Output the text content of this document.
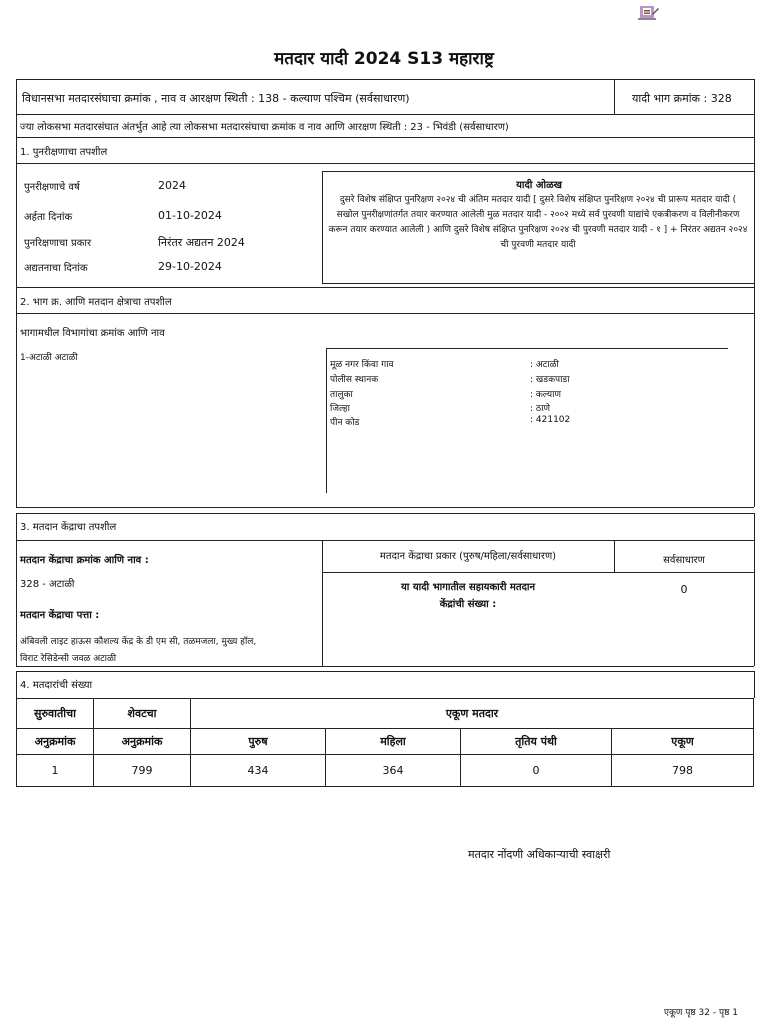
मतदार यादी 2024 S13 महाराष्ट्र
विधानसभा मतदारसंघाचा क्रमांक , नाव व आरक्षण स्थिती : 138 - कल्याण पश्चिम (सर्वसाधारण)	यादी भाग क्रमांक : 328
ज्या लोकसभा मतदारसंघात अंतर्भुत आहे त्या लोकसभा मतदारसंघाचा क्रमांक व नाव आणि आरक्षण स्थिती : 23 - भिवंडी (सर्वसाधारण)
1. पुनरीक्षणाचा तपशील
पुनरीक्षणाचे वर्ष	2024
अर्हता दिनांक	01-10-2024
पुनरिक्षणाचा प्रकार	निरंतर अद्यतन 2024
अद्यतनाचा दिनांक	29-10-2024
यादी ओळख
दुसरे विशेष संक्षिप्त पुनरिक्षण २०२४ ची अंतिम मतदार यादी [ दुसरे विशेष संक्षिप्त पुनरिक्षण २०२४ ची प्रारूप मतदार यादी ( सखोल पुनरीक्षणांतर्गत तयार करण्यात आलेली मुळ मतदार यादी - २००२ मध्ये सर्व पुरवणी याद्यांचे एकत्रीकरण व विलीनीकरण करून तयार करण्यात आलेली ) आणि दुसरे विशेष संक्षिप्त पुनरिक्षण २०२४ ची पुरवणी मतदार यादी - १ ] + निरंतर अद्यतन २०२४ ची पुरवणी मतदार यादी
2. भाग क्र. आणि मतदान क्षेत्राचा तपशील
भागामधील विभागांचा क्रमांक आणि नाव
1-अटाळी अटाळी
मूळ नगर किंवा गाव	: अटाळी
पोलीस स्थानक	: खडकपाडा
तालुका	: कल्याण
जिल्हा	: ठाणे
पीन कोड	: 421102
3. मतदान केंद्राचा तपशील
मतदान केंद्राचा क्रमांक आणि नाव :
328 - अटाळी
मतदान केंद्राचा पत्ता :
अंबिवली लाइट हाऊस कौशल्य केंद्र के डी एम सी, तळमजला, मुख्य हॉल,
विराट रेसिडेन्सी जवळ अटाळी
मतदान केंद्राचा प्रकार (पुरुष/महिला/सर्वसाधारण)	सर्वसाधारण
या यादी भागातील सहायकारी मतदान
केंद्रांची संख्या :
0
4. मतदारांची संख्या
सुरुवातीचा	शेवटचा	एकूण मतदार			
अनुक्रमांक	अनुक्रमांक	पुरुष	महिला	तृतिय पंथी	एकूण
1	799	434	364	0	798
मतदार नोंदणी अधिकाऱ्याची स्वाक्षरी
एकूण पृष्ठ 32 - पृष्ठ 1
